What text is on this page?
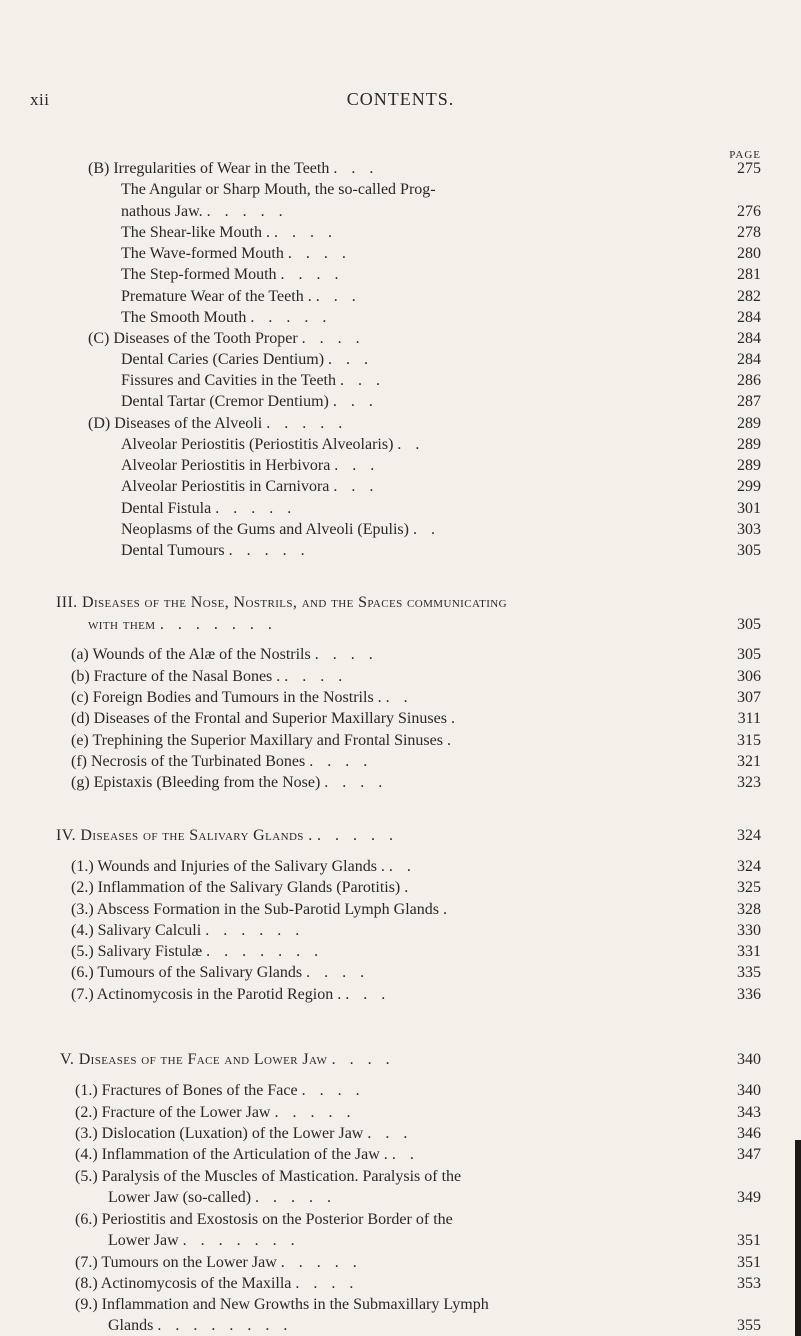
xii	CONTENTS.
PAGE
(B) Irregularities of Wear in the Teeth . . .	275
The Angular or Sharp Mouth, the so-called Prog-
nathous Jaw. . . . . .	276
The Shear-like Mouth . . . . .	278
The Wave-formed Mouth . . . .	280
The Step-formed Mouth . . . .	281
Premature Wear of the Teeth . . . .	282
The Smooth Mouth . . . . .	284
(C) Diseases of the Tooth Proper . . . .	284
Dental Caries (Caries Dentium) . . .	284
Fissures and Cavities in the Teeth . . .	286
Dental Tartar (Cremor Dentium) . . .	287
(D) Diseases of the Alveoli . . . . .	289
Alveolar Periostitis (Periostitis Alveolaris) . .	289
Alveolar Periostitis in Herbivora . . .	289
Alveolar Periostitis in Carnivora . . .	299
Dental Fistula . . . . .	301
Neoplasms of the Gums and Alveoli (Epulis) . .	303
Dental Tumours . . . . .	305
III. Diseases of the Nose, Nostrils, and the Spaces communicating
with them . . . . . . .	305
(a) Wounds of the Alæ of the Nostrils . . . .	305
(b) Fracture of the Nasal Bones . . . . .	306
(c) Foreign Bodies and Tumours in the Nostrils . . .	307
(d) Diseases of the Frontal and Superior Maxillary Sinuses .	311
(e) Trephining the Superior Maxillary and Frontal Sinuses .	315
(f) Necrosis of the Turbinated Bones . . . .	321
(g) Epistaxis (Bleeding from the Nose) . . . .	323
IV. Diseases of the Salivary Glands . . . . . .	324
(1.) Wounds and Injuries of the Salivary Glands . . .	324
(2.) Inflammation of the Salivary Glands (Parotitis) .	325
(3.) Abscess Formation in the Sub-Parotid Lymph Glands .	328
(4.) Salivary Calculi . . . . . .	330
(5.) Salivary Fistulæ . . . . . . .	331
(6.) Tumours of the Salivary Glands . . . .	335
(7.) Actinomycosis in the Parotid Region . . . .	336
V. Diseases of the Face and Lower Jaw . . . .	340
(1.) Fractures of Bones of the Face . . . .	340
(2.) Fracture of the Lower Jaw . . . . .	343
(3.) Dislocation (Luxation) of the Lower Jaw . . .	346
(4.) Inflammation of the Articulation of the Jaw . . .	347
(5.) Paralysis of the Muscles of Mastication. Paralysis of the
Lower Jaw (so-called) . . . . .	349
(6.) Periostitis and Exostosis on the Posterior Border of the
Lower Jaw . . . . . . .	351
(7.) Tumours on the Lower Jaw . . . . .	351
(8.) Actinomycosis of the Maxilla . . . .	353
(9.) Inflammation and New Growths in the Submaxillary Lymph
Glands . . . . . . . .	355
